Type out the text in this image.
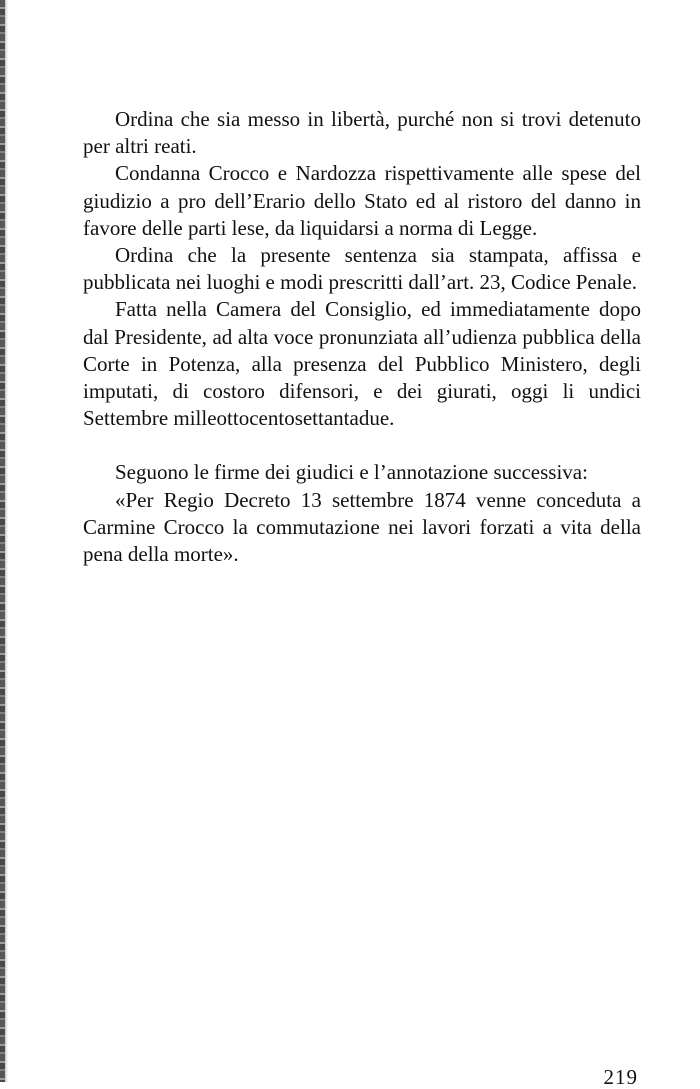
Ordina che sia messo in libertà, purché non si trovi detenuto per altri reati.

Condanna Crocco e Nardozza rispettivamente alle spese del giudizio a pro dell’Erario dello Stato ed al ristoro del danno in favore delle parti lese, da liquidarsi a norma di Legge.

Ordina che la presente sentenza sia stampata, affissa e pubblicata nei luoghi e modi prescritti dall’art. 23, Codice Penale.

Fatta nella Camera del Consiglio, ed immediatamente dopo dal Presidente, ad alta voce pronunziata all’udienza pubblica della Corte in Potenza, alla presenza del Pubblico Ministero, degli imputati, di costoro difensori, e dei giurati, oggi li undici Settembre milleottocentosettantadue.

Seguono le firme dei giudici e l’annotazione successiva:

«Per Regio Decreto 13 settembre 1874 venne conceduta a Carmine Crocco la commutazione nei lavori forzati a vita della pena della morte».

219
